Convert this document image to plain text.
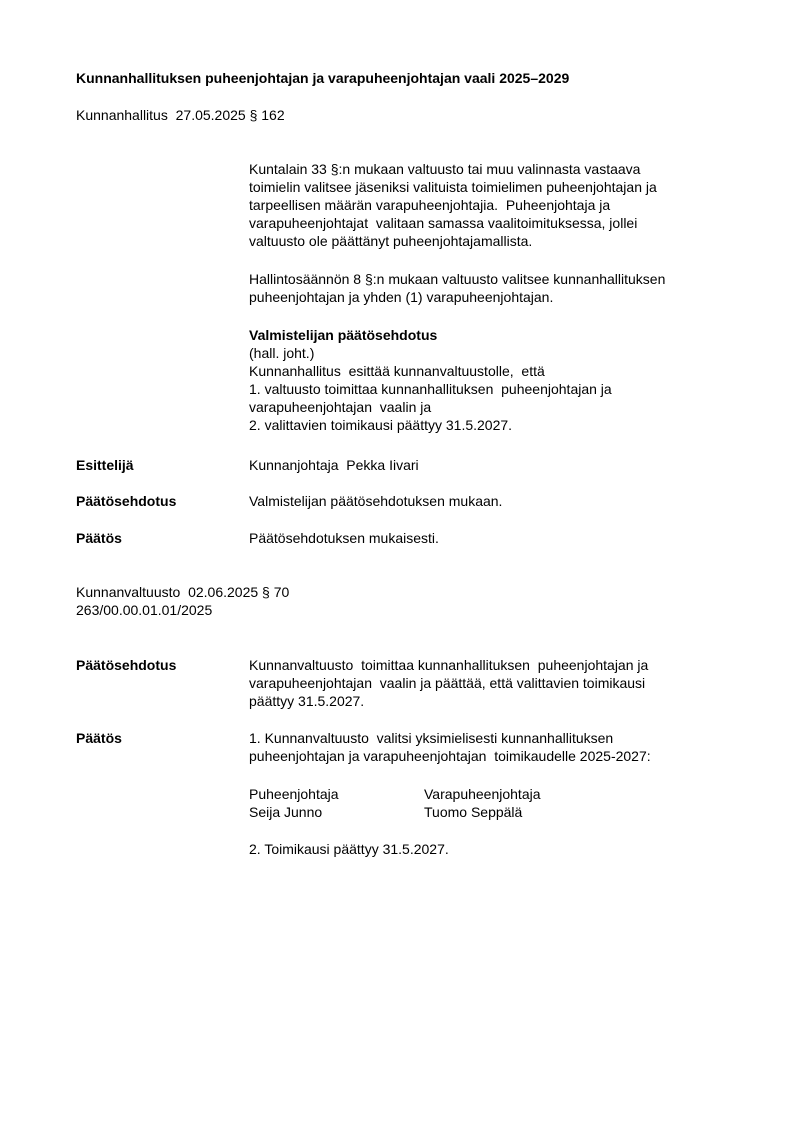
Kunnanhallituksen puheenjohtajan ja varapuheenjohtajan vaali 2025–2029
Kunnanhallitus  27.05.2025 § 162
Kuntalain 33 §:n mukaan valtuusto tai muu valinnasta vastaava
toimielin valitsee jäseniksi valituista toimielimen puheenjohtajan ja
tarpeellisen määrän varapuheenjohtajia.  Puheenjohtaja ja
varapuheenjohtajat  valitaan samassa vaalitoimituksessa, jollei
valtuusto ole päättänyt puheenjohtajamallista.
Hallintosäännön 8 §:n mukaan valtuusto valitsee kunnanhallituksen
puheenjohtajan ja yhden (1) varapuheenjohtajan.
Valmistelijan päätösehdotus
(hall. joht.)
Kunnanhallitus  esittää kunnanvaltuustolle,  että
1. valtuusto toimittaa kunnanhallituksen  puheenjohtajan ja
varapuheenjohtajan  vaalin ja
2. valittavien toimikausi päättyy 31.5.2027.
Esittelijä	Kunnanjohtaja  Pekka Iivari
Päätösehdotus	Valmistelijan päätösehdotuksen mukaan.
Päätös	Päätösehdotuksen mukaisesti.
Kunnanvaltuusto  02.06.2025 § 70
263/00.00.01.01/2025
Päätösehdotus	Kunnanvaltuusto  toimittaa kunnanhallituksen  puheenjohtajan ja
varapuheenjohtajan  vaalin ja päättää, että valittavien toimikausi
päättyy 31.5.2027.
Päätös	1. Kunnanvaltuusto  valitsi yksimielisesti kunnanhallituksen
puheenjohtajan ja varapuheenjohtajan  toimikaudelle 2025-2027:
Puheenjohtaja	Varapuheenjohtaja
Seija Junno	Tuomo Seppälä
2. Toimikausi päättyy 31.5.2027.
